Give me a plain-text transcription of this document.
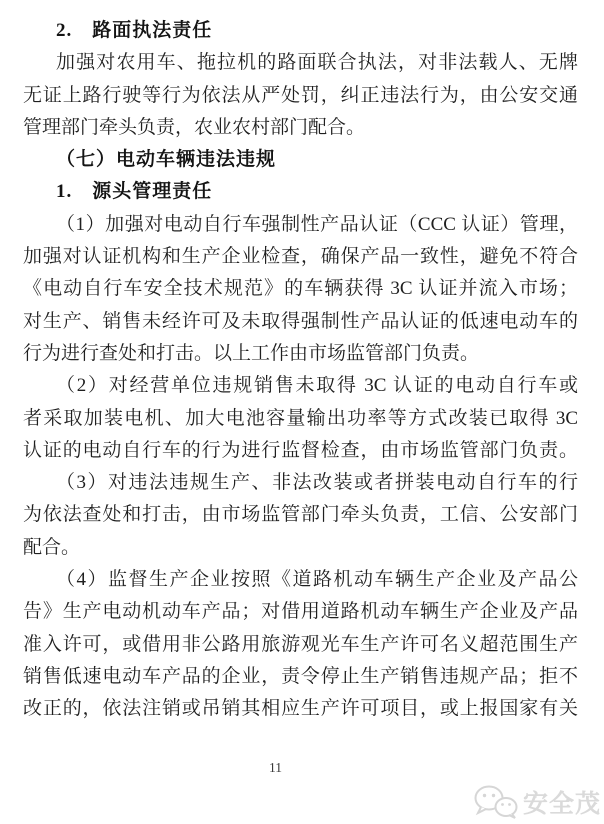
2.　路面执法责任
加强对农用车、拖拉机的路面联合执法，对非法载人、无牌
无证上路行驶等行为依法从严处罚，纠正违法行为，由公安交通
管理部门牵头负责，农业农村部门配合。
（七）电动车辆违法违规
1.　源头管理责任
（1）加强对电动自行车强制性产品认证（CCC 认证）管理，
加强对认证机构和生产企业检查，确保产品一致性，避免不符合
《电动自行车安全技术规范》的车辆获得 3C 认证并流入市场；
对生产、销售未经许可及未取得强制性产品认证的低速电动车的
行为进行查处和打击。以上工作由市场监管部门负责。
（2）对经营单位违规销售未取得 3C 认证的电动自行车或
者采取加装电机、加大电池容量输出功率等方式改装已取得 3C
认证的电动自行车的行为进行监督检查，由市场监管部门负责。
（3）对违法违规生产、非法改装或者拼装电动自行车的行
为依法查处和打击，由市场监管部门牵头负责，工信、公安部门
配合。
（4）监督生产企业按照《道路机动车辆生产企业及产品公
告》生产电动机动车产品；对借用道路机动车辆生产企业及产品
准入许可，或借用非公路用旅游观光车生产许可名义超范围生产
销售低速电动车产品的企业，责令停止生产销售违规产品；拒不
改正的，依法注销或吊销其相应生产许可项目，或上报国家有关
11
安全茂
